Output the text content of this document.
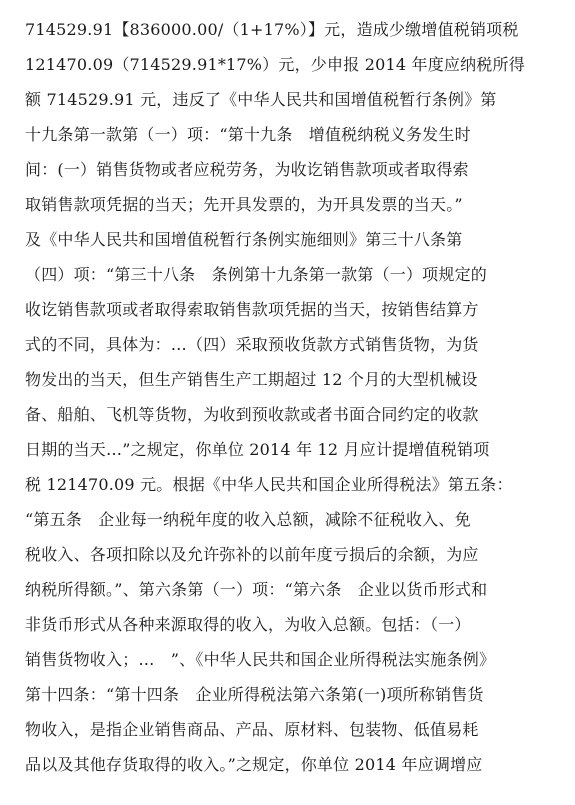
714529.91【836000.00/（1+17%）】元，造成少缴增值税销项税
121470.09（714529.91*17%）元，少申报 2014 年度应纳税所得
额 714529.91 元，违反了《中华人民共和国增值税暂行条例》第
十九条第一款第（一）项：“第十九条　增值税纳税义务发生时
间：(一）销售货物或者应税劳务，为收讫销售款项或者取得索
取销售款项凭据的当天；先开具发票的，为开具发票的当天。”
及《中华人民共和国增值税暂行条例实施细则》第三十八条第
（四）项：“第三十八条　条例第十九条第一款第（一）项规定的
收讫销售款项或者取得索取销售款项凭据的当天，按销售结算方
式的不同，具体为：…（四）采取预收货款方式销售货物，为货
物发出的当天，但生产销售生产工期超过 12 个月的大型机械设
备、船舶、飞机等货物，为收到预收款或者书面合同约定的收款
日期的当天…”之规定，你单位 2014 年 12 月应计提增值税销项
税 121470.09 元。根据《中华人民共和国企业所得税法》第五条：
“第五条　企业每一纳税年度的收入总额，减除不征税收入、免
税收入、各项扣除以及允许弥补的以前年度亏损后的余额，为应
纳税所得额。”、第六条第（一）项：“第六条　企业以货币形式和
非货币形式从各种来源取得的收入，为收入总额。包括：（一）
销售货物收入；…　”、《中华人民共和国企业所得税法实施条例》
第十四条：“第十四条　企业所得税法第六条第(一)项所称销售货
物收入，是指企业销售商品、产品、原材料、包装物、低值易耗
品以及其他存货取得的收入。”之规定，你单位 2014 年应调增应
